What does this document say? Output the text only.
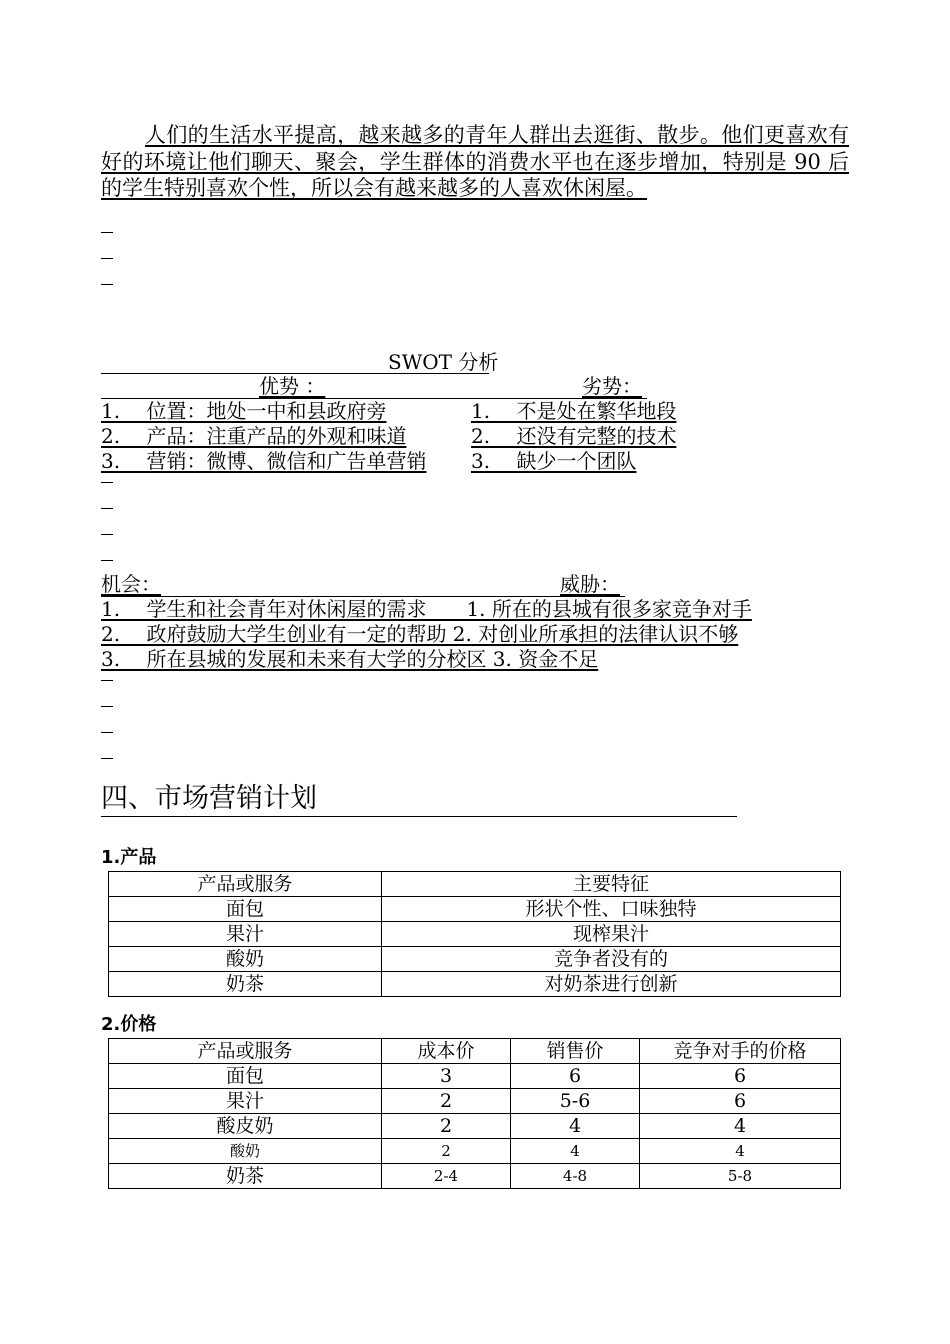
人们的生活水平提高，越来越多的青年人群出去逛街、散步。他们更喜欢有好的环境让他们聊天、聚会，学生群体的消费水平也在逐步增加，特别是 90 后的学生特别喜欢个性，所以会有越来越多的人喜欢休闲屋。
SWOT 分析
优势 ：	劣势：
1.　 位置：地处一中和县政府旁	1.　 不是处在繁华地段
2.　 产品：注重产品的外观和味道	2.　 还没有完整的技术
3.　 营销：微博、微信和广告单营销 3.　 缺少一个团队
机会：	威胁：
1.　 学生和社会青年对休闲屋的需求　　1. 所在的县城有很多家竞争对手
2.　 政府鼓励大学生创业有一定的帮助 2. 对创业所承担的法律认识不够
3.　 所在县城的发展和未来有大学的分校区 3. 资金不足
四、市场营销计划
1.产品
产品或服务	主要特征
面包	形状个性、口味独特
果汁	现榨果汁
酸奶	竞争者没有的
奶茶	对奶茶进行创新
2.价格
产品或服务	成本价	销售价	竞争对手的价格
面包	3	6	6
果汁	2	5-6	6
酸皮奶	2	4	4
酸奶	2	4	4
奶茶	2-4	4-8	5-8
